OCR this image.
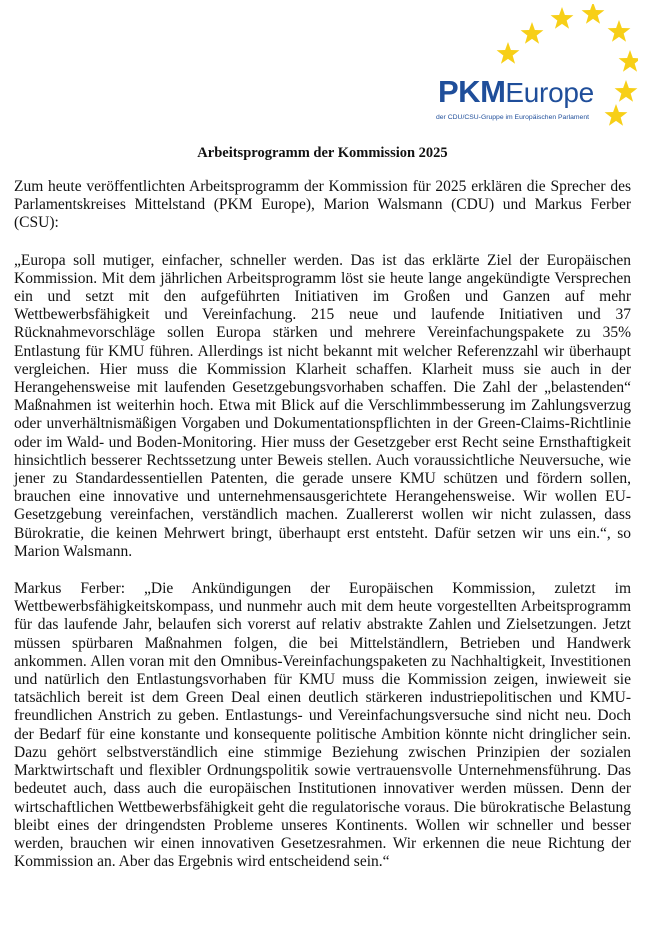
PKMEurope
der CDU/CSU-Gruppe im Europäischen Parlament
Arbeitsprogramm der Kommission 2025

Zum heute veröffentlichten Arbeitsprogramm der Kommission für 2025 erklären die Sprecher des Parlamentskreises Mittelstand (PKM Europe), Marion Walsmann (CDU) und Markus Ferber (CSU):

„Europa soll mutiger, einfacher, schneller werden. Das ist das erklärte Ziel der Europäischen Kommission. Mit dem jährlichen Arbeitsprogramm löst sie heute lange angekündigte Versprechen ein und setzt mit den aufgeführten Initiativen im Großen und Ganzen auf mehr Wettbewerbsfähigkeit und Vereinfachung. 215 neue und laufende Initiativen und 37 Rücknahmevorschläge sollen Europa stärken und mehrere Vereinfachungspakete zu 35% Entlastung für KMU führen. Allerdings ist nicht bekannt mit welcher Referenzzahl wir überhaupt vergleichen. Hier muss die Kommission Klarheit schaffen. Klarheit muss sie auch in der Herangehensweise mit laufenden Gesetzgebungsvorhaben schaffen. Die Zahl der „belastenden“ Maßnahmen ist weiterhin hoch. Etwa mit Blick auf die Verschlimmbesserung im Zahlungsverzug oder unverhältnismäßigen Vorgaben und Dokumentationspflichten in der Green-Claims-Richtlinie oder im Wald- und Boden-Monitoring. Hier muss der Gesetzgeber erst Recht seine Ernsthaftigkeit hinsichtlich besserer Rechtssetzung unter Beweis stellen. Auch voraussichtliche Neuversuche, wie jener zu Standardessentiellen Patenten, die gerade unsere KMU schützen und fördern sollen, brauchen eine innovative und unternehmensausgerichtete Herangehensweise. Wir wollen EU-Gesetzgebung vereinfachen, verständlich machen. Zuallererst wollen wir nicht zulassen, dass Bürokratie, die keinen Mehrwert bringt, überhaupt erst entsteht. Dafür setzen wir uns ein.“, so Marion Walsmann.

Markus Ferber: „Die Ankündigungen der Europäischen Kommission, zuletzt im Wettbewerbsfähigkeitskompass, und nunmehr auch mit dem heute vorgestellten Arbeitsprogramm für das laufende Jahr, belaufen sich vorerst auf relativ abstrakte Zahlen und Zielsetzungen. Jetzt müssen spürbaren Maßnahmen folgen, die bei Mittelständlern, Betrieben und Handwerk ankommen. Allen voran mit den Omnibus-Vereinfachungspaketen zu Nachhaltigkeit, Investitionen und natürlich den Entlastungsvorhaben für KMU muss die Kommission zeigen, inwieweit sie tatsächlich bereit ist dem Green Deal einen deutlich stärkeren industriepolitischen und KMU-freundlichen Anstrich zu geben. Entlastungs- und Vereinfachungsversuche sind nicht neu. Doch der Bedarf für eine konstante und konsequente politische Ambition könnte nicht dringlicher sein. Dazu gehört selbstverständlich eine stimmige Beziehung zwischen Prinzipien der sozialen Marktwirtschaft und flexibler Ordnungspolitik sowie vertrauensvolle Unternehmensführung. Das bedeutet auch, dass auch die europäischen Institutionen innovativer werden müssen. Denn der wirtschaftlichen Wettbewerbsfähigkeit geht die regulatorische voraus. Die bürokratische Belastung bleibt eines der dringendsten Probleme unseres Kontinents. Wollen wir schneller und besser werden, brauchen wir einen innovativen Gesetzesrahmen. Wir erkennen die neue Richtung der Kommission an. Aber das Ergebnis wird entscheidend sein.“
